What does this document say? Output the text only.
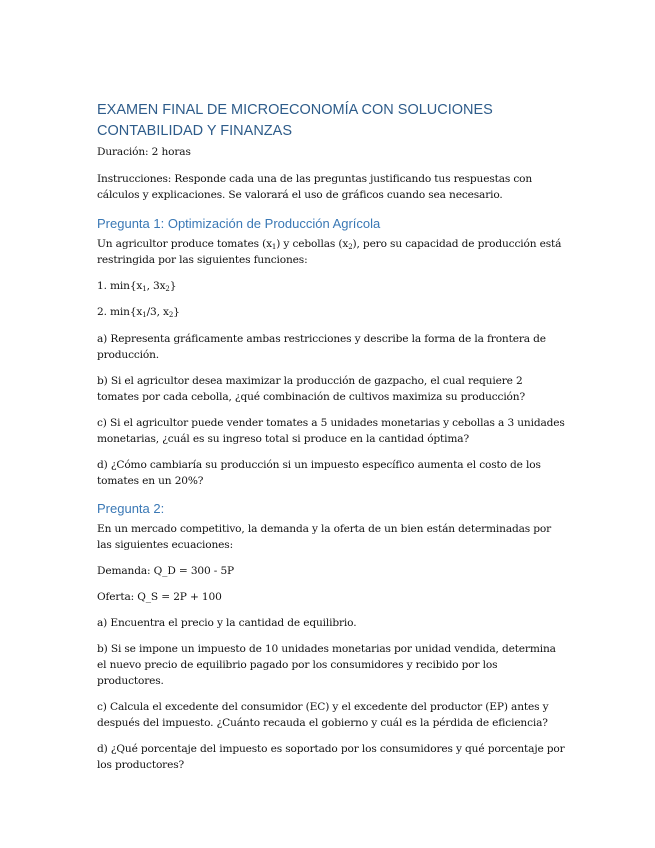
EXAMEN FINAL DE MICROECONOMÍA CON SOLUCIONES CONTABILIDAD Y FINANZAS

Duración: 2 horas

Instrucciones: Responde cada una de las preguntas justificando tus respuestas con cálculos y explicaciones. Se valorará el uso de gráficos cuando sea necesario.

Pregunta 1: Optimización de Producción Agrícola

Un agricultor produce tomates $(x_1)$ y cebollas $(x_2)$, pero su capacidad de producción está restringida por las siguientes funciones:

1. $\min\{x_1$, $3x_2$}

2. $\min\{x_1/3$, $x_2$}

a) Representa gráficamente ambas restricciones y describe la forma de la frontera de producción.

b) Si el agricultor desea maximizar la producción de gazpacho, el cual requiere 2 tomates por cada cebolla, ¿qué combinación de cultivos maximiza su producción?

c) Si el agricultor puede vender tomates a 5 unidades monetarias y cebollas a 3 unidades monetarias, ¿cuál es su ingreso total si produce en la cantidad óptima?

d) ¿Cómo cambiaría su producción si un impuesto específico aumenta el costo de los tomates en un 20%?

Pregunta 2:

En un mercado competitivo, la demanda y la oferta de un bien están determinadas por las siguientes ecuaciones:

Demanda: Q_D = 300 - 5P

Oferta: Q_S = 2P + 100

a) Encuentra el precio y la cantidad de equilibrio.

b) Si se impone un impuesto de 10 unidades monetarias por unidad vendida, determina el nuevo precio de equilibrio pagado por los consumidores y recibido por los productores.

c) Calcula el excedente del consumidor (EC) y el excedente del productor (EP) antes y después del impuesto. ¿Cuánto recauda el gobierno y cuál es la pérdida de eficiencia?

d) ¿Qué porcentaje del impuesto es soportado por los consumidores y qué porcentaje por los productores?
